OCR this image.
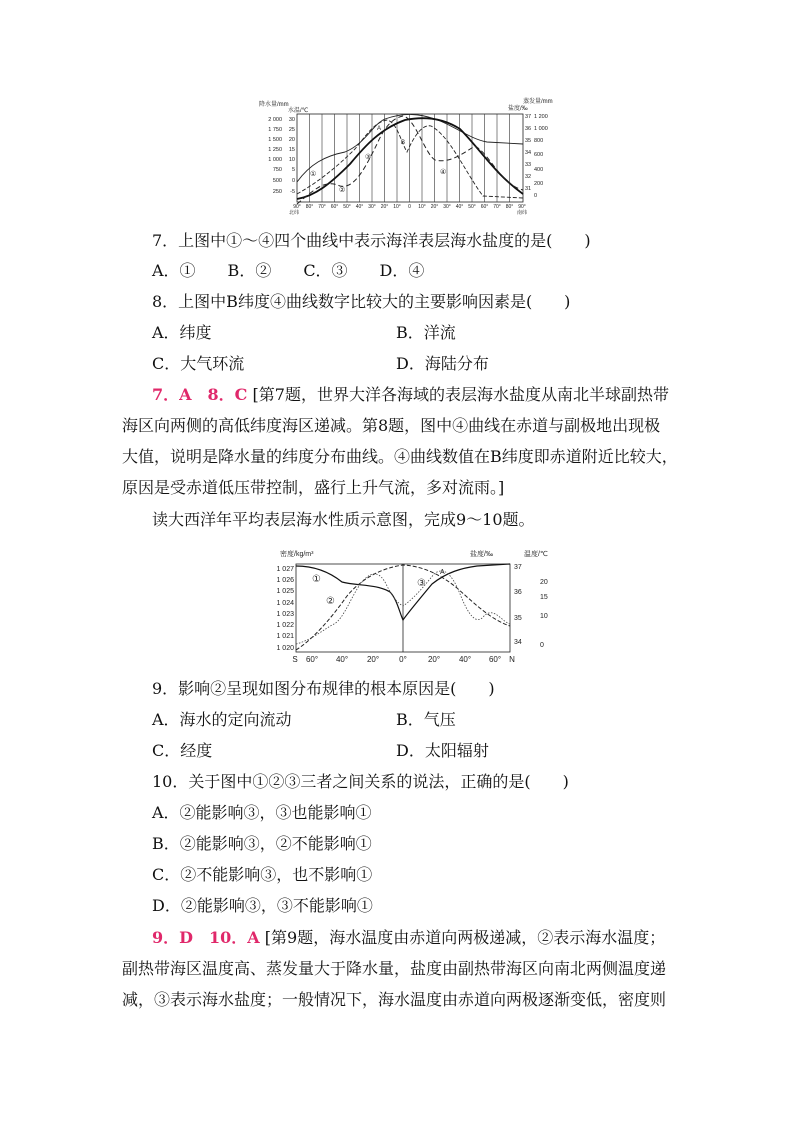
降水量/mm
水温/℃	盐度/‰
蒸发量/mm
2 000
1 750
1 500
1 250
1 000
750
500
250
30
25
20
15
10
5
0
-5
37
36
35
34
33
32
31
1 200
1 000
800
600
400
200
0
①
②
③
④
A
B
90° 80° 70° 60° 50° 40° 30° 20° 10° 0 10° 20° 30° 40° 50° 60° 70° 80° 90°
北纬	南纬
7．上图中①～④四个曲线中表示海洋表层海水盐度的是(　　)
A．①　　B．②　　C．③　　D．④
8．上图中B纬度④曲线数字比较大的主要影响因素是(　　)
A．纬度	B．洋流
C．大气环流	D．海陆分布
7．A　8．C [第7题，世界大洋各海域的表层海水盐度从南北半球副热带
海区向两侧的高低纬度海区递减。第8题，图中④曲线在赤道与副极地出现极
大值，说明是降水量的纬度分布曲线。④曲线数值在B纬度即赤道附近比较大，
原因是受赤道低压带控制，盛行上升气流，多对流雨。]
读大西洋年平均表层海水性质示意图，完成9～10题。
密度/kg/m³	盐度/‰	温度/℃
1 027
1 026
1 025
1 024
1 023
1 022
1 021
1 020
37
36
35
34
20
15
10
0
①
②
③
A
S 60° 40° 20°	0°	20° 40° 60° N
9．影响②呈现如图分布规律的根本原因是(　　)
A．海水的定向流动	B．气压
C．经度	D．太阳辐射
10．关于图中①②③三者之间关系的说法，正确的是(　　)
A．②能影响③，③也能影响①
B．②能影响③，②不能影响①
C．②不能影响③，也不影响①
D．②能影响③，③不能影响①
9．D　10．A [第9题，海水温度由赤道向两极递减，②表示海水温度；
副热带海区温度高、蒸发量大于降水量，盐度由副热带海区向南北两侧温度递
减，③表示海水盐度；一般情况下，海水温度由赤道向两极逐渐变低，密度则
